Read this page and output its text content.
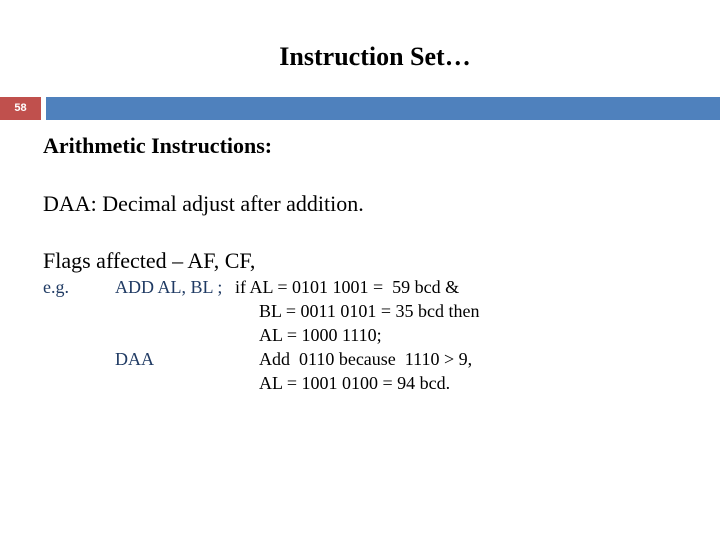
Instruction Set…
58
Arithmetic Instructions:
DAA: Decimal adjust after addition.
Flags affected – AF, CF,
e.g.	ADD AL, BL ;
DAA
if AL = 0101 1001 =  59 bcd &
BL = 0011 0101 = 35 bcd then
AL = 1000 1110;
Add  0110 because  1110 > 9,
AL = 1001 0100 = 94 bcd.
